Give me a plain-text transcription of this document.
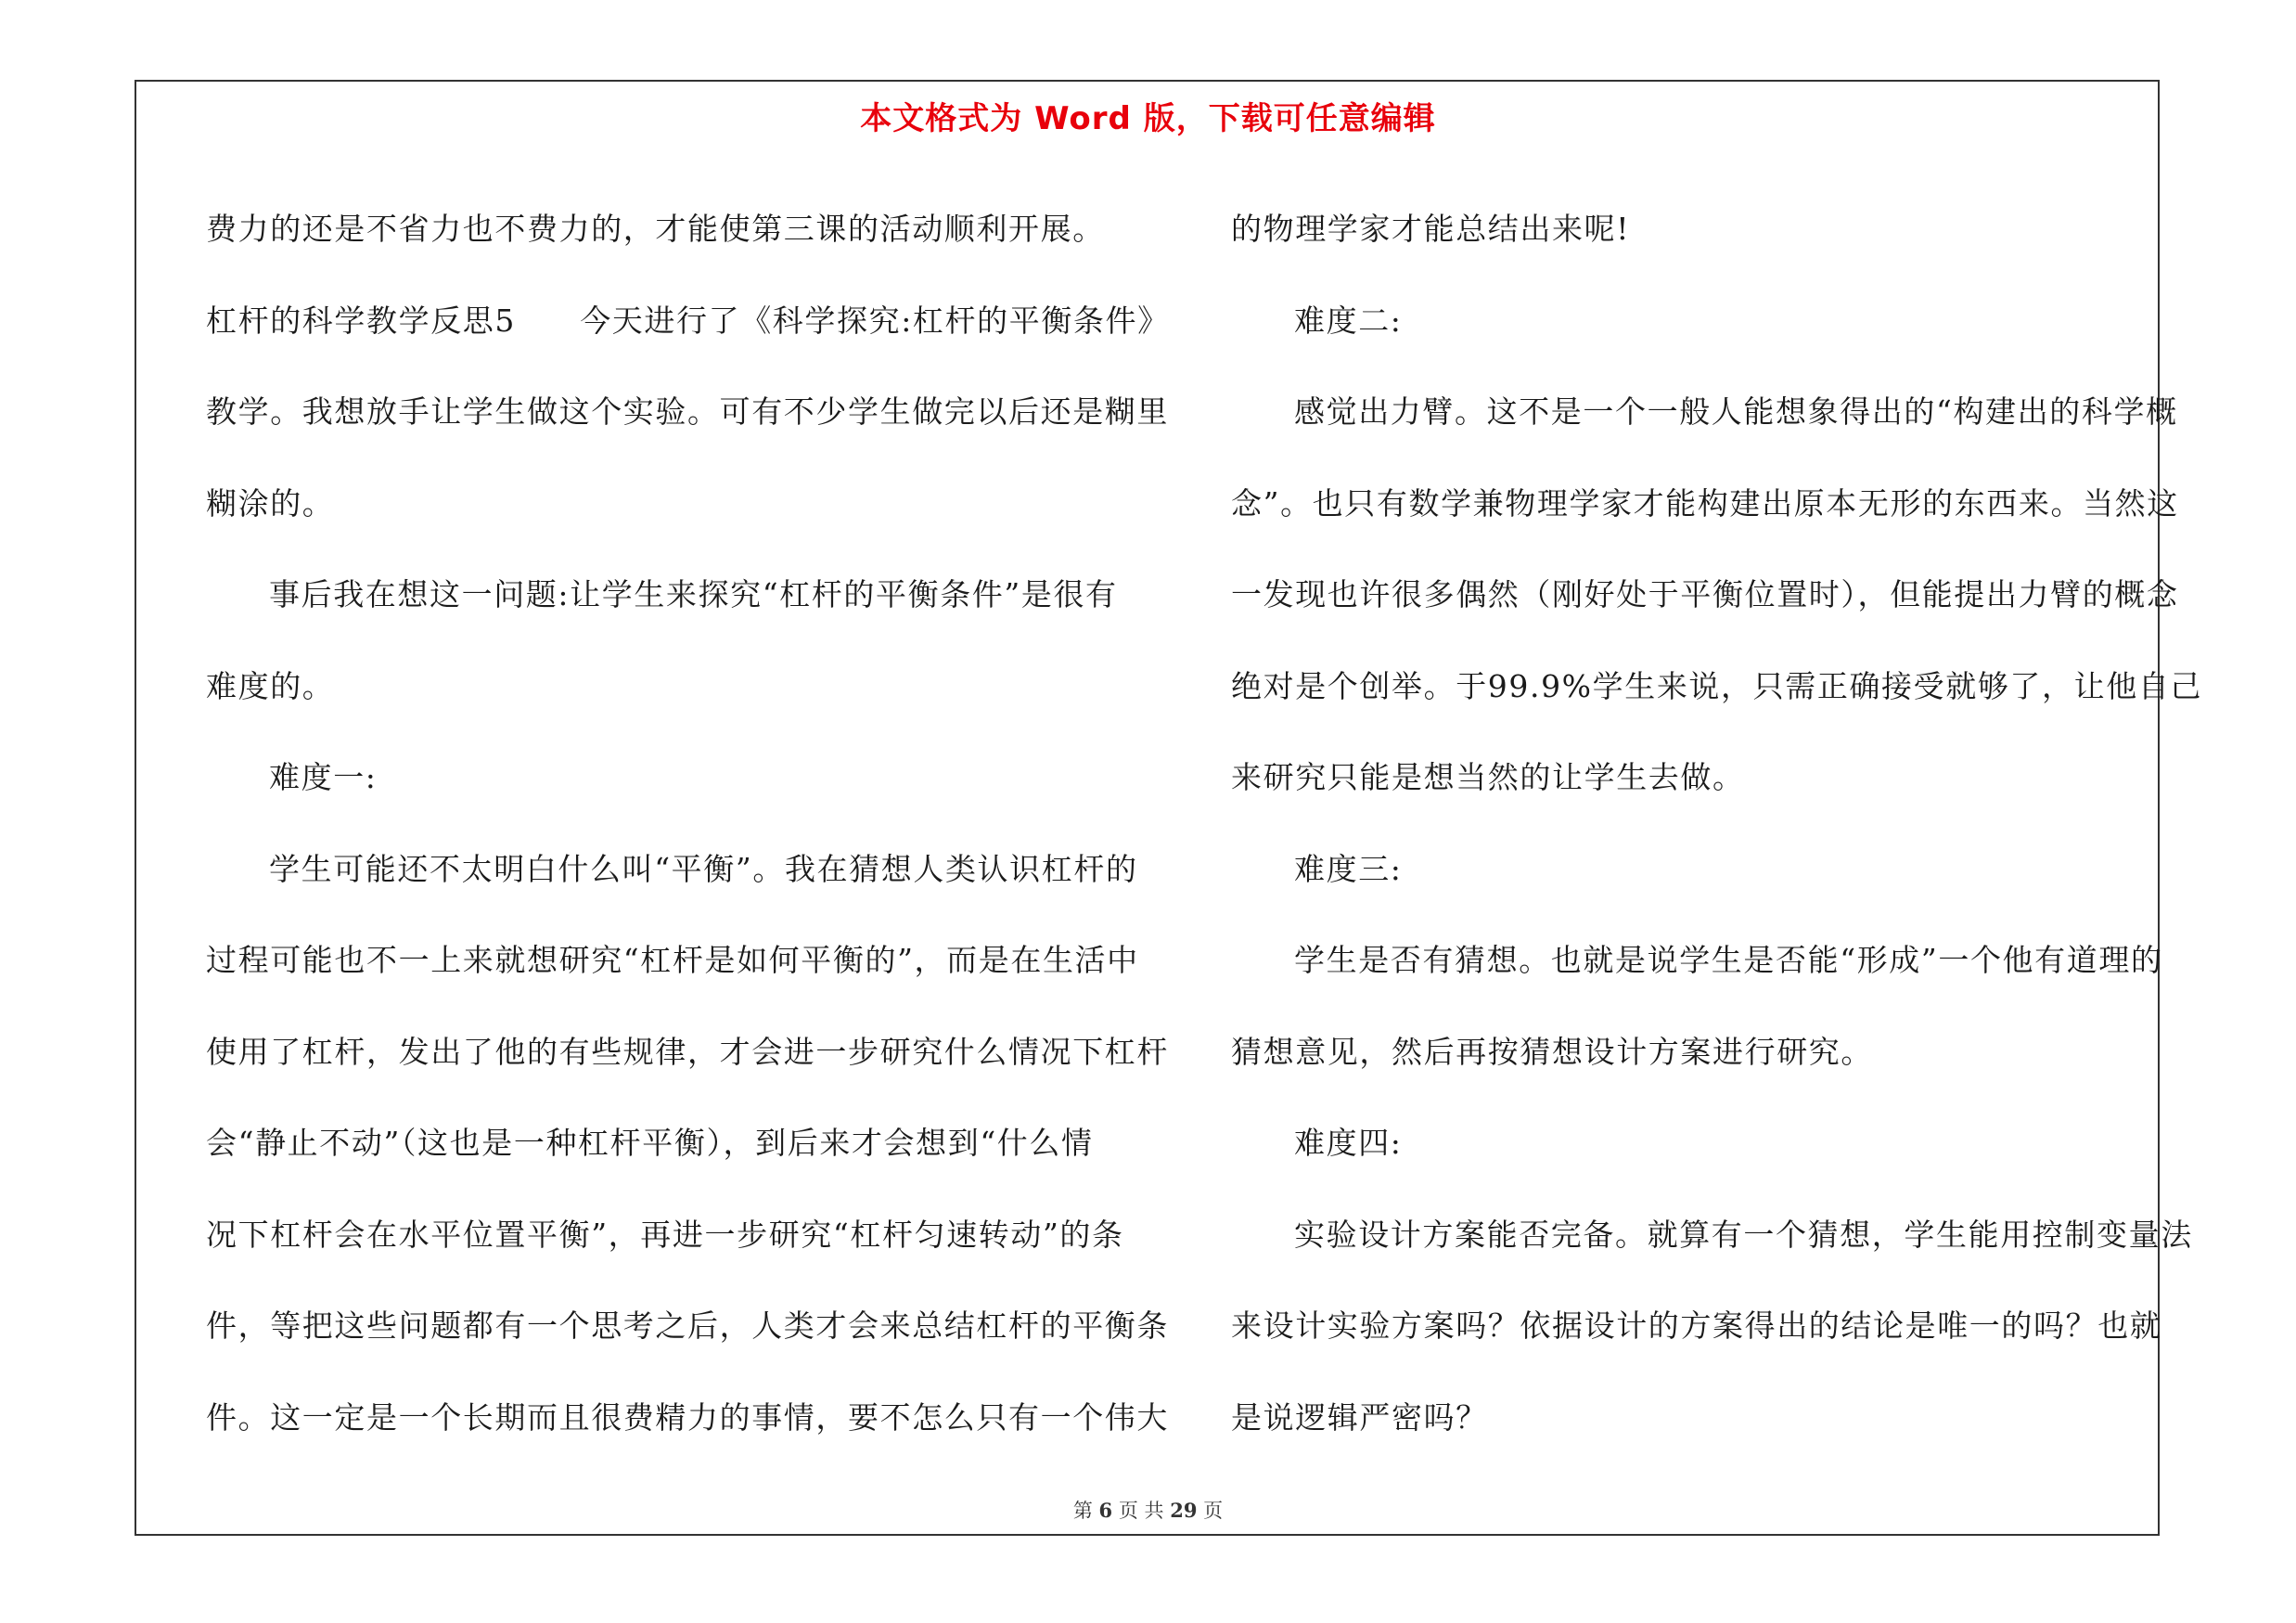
本文格式为 Word 版，下载可任意编辑
费力的还是不省力也不费力的，才能使第三课的活动顺利开展。
杠杆的科学教学反思5　　今天进行了《科学探究:杠杆的平衡条件》
教学。我想放手让学生做这个实验。可有不少学生做完以后还是糊里
糊涂的。
事后我在想这一问题:让学生来探究“杠杆的平衡条件”是很有
难度的。
难度一:
学生可能还不太明白什么叫“平衡”。我在猜想人类认识杠杆的
过程可能也不一上来就想研究“杠杆是如何平衡的”，而是在生活中
使用了杠杆，发出了他的有些规律，才会进一步研究什么情况下杠杆
会“静止不动”（这也是一种杠杆平衡），到后来才会想到“什么情
况下杠杆会在水平位置平衡”，再进一步研究“杠杆匀速转动”的条
件，等把这些问题都有一个思考之后，人类才会来总结杠杆的平衡条
件。这一定是一个长期而且很费精力的事情，要不怎么只有一个伟大
的物理学家才能总结出来呢!
难度二:
感觉出力臂。这不是一个一般人能想象得出的“构建出的科学概
念”。也只有数学兼物理学家才能构建出原本无形的东西来。当然这
一发现也许很多偶然（刚好处于平衡位置时），但能提出力臂的概念
绝对是个创举。于99.9%学生来说，只需正确接受就够了，让他自己
来研究只能是想当然的让学生去做。
难度三:
学生是否有猜想。也就是说学生是否能“形成”一个他有道理的
猜想意见，然后再按猜想设计方案进行研究。
难度四:
实验设计方案能否完备。就算有一个猜想，学生能用控制变量法
来设计实验方案吗？依据设计的方案得出的结论是唯一的吗？也就
是说逻辑严密吗？
第 6 页 共 29 页
